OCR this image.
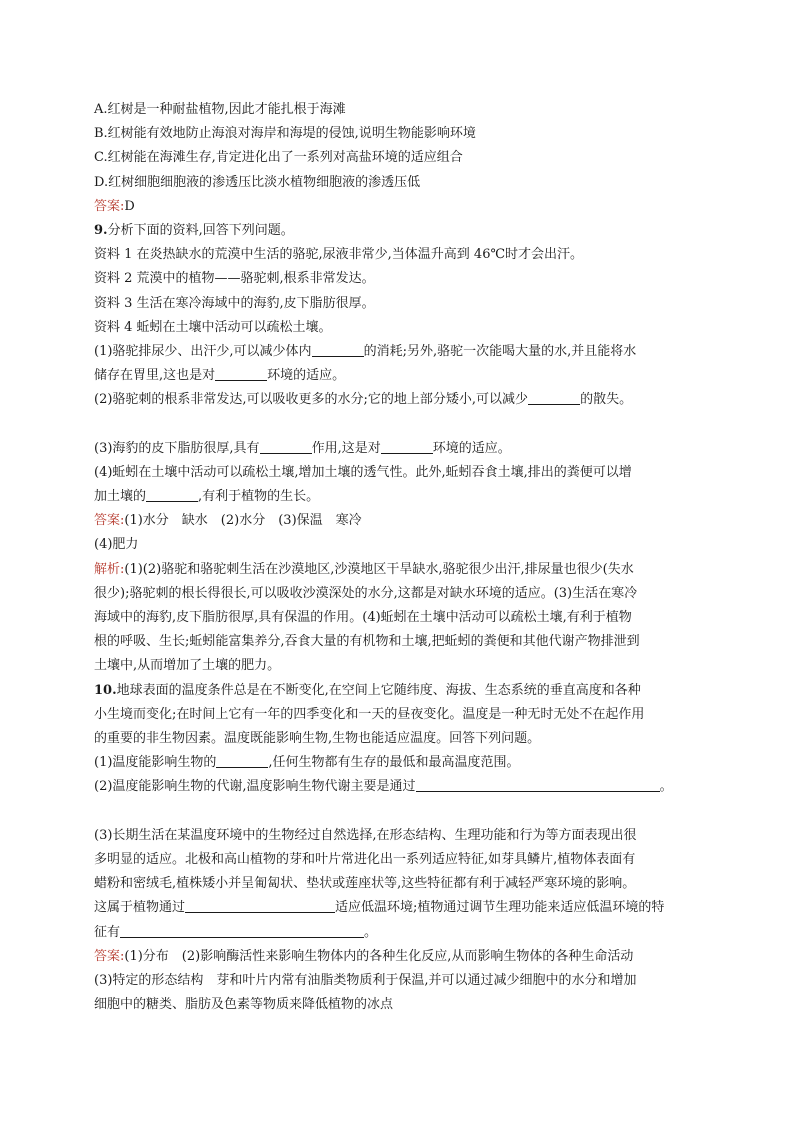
A.红树是一种耐盐植物,因此才能扎根于海滩

B.红树能有效地防止海浪对海岸和海堤的侵蚀,说明生物能影响环境

C.红树能在海滩生存,肯定进化出了一系列对高盐环境的适应组合

D.红树细胞细胞液的渗透压比淡水植物细胞液的渗透压低

答案:D

9.分析下面的资料,回答下列问题。

资料 1 在炎热缺水的荒漠中生活的骆驼,尿液非常少,当体温升高到 46℃时才会出汗。

资料 2 荒漠中的植物——骆驼刺,根系非常发达。

资料 3 生活在寒冷海域中的海豹,皮下脂肪很厚。

资料 4 蚯蚓在土壤中活动可以疏松土壤。

(1)骆驼排尿少、出汗少,可以减少体内	的消耗;另外,骆驼一次能喝大量的水,并且能将水

储存在胃里,这也是对	环境的适应。

(2)骆驼刺的根系非常发达,可以吸收更多的水分;它的地上部分矮小,可以减少	的散失。

(3)海豹的皮下脂肪很厚,具有	作用,这是对	环境的适应。

(4)蚯蚓在土壤中活动可以疏松土壤,增加土壤的透气性。此外,蚯蚓吞食土壤,排出的粪便可以增

加土壤的	,有利于植物的生长。

答案:(1)水分　缺水　(2)水分　(3)保温　寒冷

(4)肥力

解析:(1)(2)骆驼和骆驼刺生活在沙漠地区,沙漠地区干旱缺水,骆驼很少出汗,排尿量也很少(失水

很少);骆驼刺的根长得很长,可以吸收沙漠深处的水分,这都是对缺水环境的适应。(3)生活在寒冷

海域中的海豹,皮下脂肪很厚,具有保温的作用。(4)蚯蚓在土壤中活动可以疏松土壤,有利于植物

根的呼吸、生长;蚯蚓能富集养分,吞食大量的有机物和土壤,把蚯蚓的粪便和其他代谢产物排泄到

土壤中,从而增加了土壤的肥力。

10.地球表面的温度条件总是在不断变化,在空间上它随纬度、海拔、生态系统的垂直高度和各种

小生境而变化;在时间上它有一年的四季变化和一天的昼夜变化。温度是一种无时无处不在起作用

的重要的非生物因素。温度既能影响生物,生物也能适应温度。回答下列问题。

(1)温度能影响生物的	,任何生物都有生存的最低和最高温度范围。

(2)温度能影响生物的代谢,温度影响生物代谢主要是通过	。

(3)长期生活在某温度环境中的生物经过自然选择,在形态结构、生理功能和行为等方面表现出很

多明显的适应。北极和高山植物的芽和叶片常进化出一系列适应特征,如芽具鳞片,植物体表面有

蜡粉和密绒毛,植株矮小并呈匍匐状、垫状或莲座状等,这些特征都有利于减轻严寒环境的影响。

这属于植物通过	适应低温环境;植物通过调节生理功能来适应低温环境的特

征有	。

答案:(1)分布　(2)影响酶活性来影响生物体内的各种生化反应,从而影响生物体的各种生命活动

(3)特定的形态结构　芽和叶片内常有油脂类物质利于保温,并可以通过减少细胞中的水分和增加

细胞中的糖类、脂肪及色素等物质来降低植物的冰点
